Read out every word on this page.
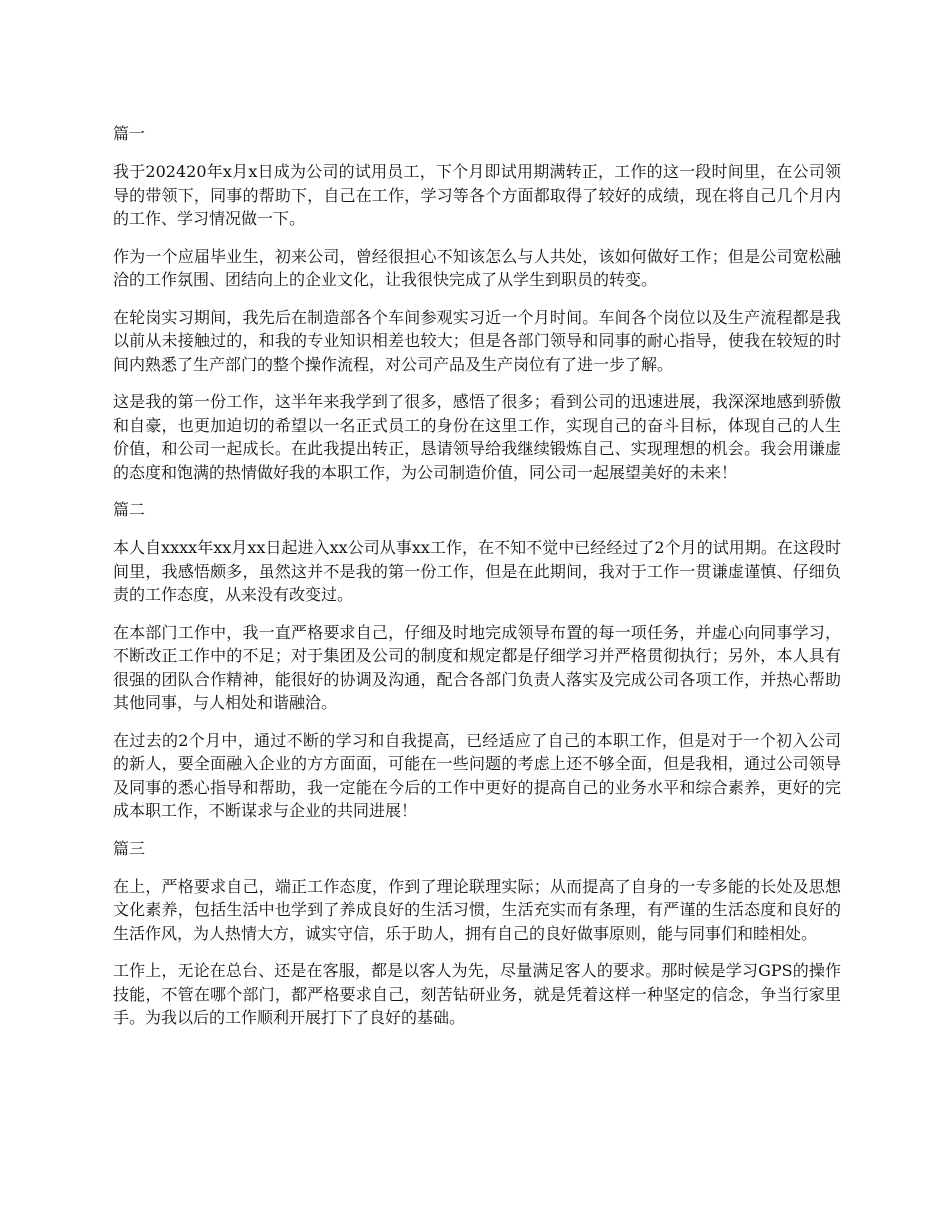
篇一

我于202420年x月x日成为公司的试用员工，下个月即试用期满转正，工作的这一段时间里，在公司领导的带领下，同事的帮助下，自己在工作，学习等各个方面都取得了较好的成绩，现在将自己几个月内的工作、学习情况做一下。

作为一个应届毕业生，初来公司，曾经很担心不知该怎么与人共处，该如何做好工作；但是公司宽松融洽的工作氛围、团结向上的企业文化，让我很快完成了从学生到职员的转变。

在轮岗实习期间，我先后在制造部各个车间参观实习近一个月时间。车间各个岗位以及生产流程都是我以前从未接触过的，和我的专业知识相差也较大；但是各部门领导和同事的耐心指导，使我在较短的时间内熟悉了生产部门的整个操作流程，对公司产品及生产岗位有了进一步了解。

这是我的第一份工作，这半年来我学到了很多，感悟了很多；看到公司的迅速进展，我深深地感到骄傲和自豪，也更加迫切的希望以一名正式员工的身份在这里工作，实现自己的奋斗目标，体现自己的人生价值，和公司一起成长。在此我提出转正，恳请领导给我继续锻炼自己、实现理想的机会。我会用谦虚的态度和饱满的热情做好我的本职工作，为公司制造价值，同公司一起展望美好的未来！

篇二

本人自xxxx年xx月xx日起进入xx公司从事xx工作，在不知不觉中已经经过了2个月的试用期。在这段时间里，我感悟颇多，虽然这并不是我的第一份工作，但是在此期间，我对于工作一贯谦虚谨慎、仔细负责的工作态度，从来没有改变过。

在本部门工作中，我一直严格要求自己，仔细及时地完成领导布置的每一项任务，并虚心向同事学习，不断改正工作中的不足；对于集团及公司的制度和规定都是仔细学习并严格贯彻执行；另外，本人具有很强的团队合作精神，能很好的协调及沟通，配合各部门负责人落实及完成公司各项工作，并热心帮助其他同事，与人相处和谐融洽。

在过去的2个月中，通过不断的学习和自我提高，已经适应了自己的本职工作，但是对于一个初入公司的新人，要全面融入企业的方方面面，可能在一些问题的考虑上还不够全面，但是我相，通过公司领导及同事的悉心指导和帮助，我一定能在今后的工作中更好的提高自己的业务水平和综合素养，更好的完成本职工作，不断谋求与企业的共同进展！

篇三

在上，严格要求自己，端正工作态度，作到了理论联理实际；从而提高了自身的一专多能的长处及思想文化素养，包括生活中也学到了养成良好的生活习惯，生活充实而有条理，有严谨的生活态度和良好的生活作风，为人热情大方，诚实守信，乐于助人，拥有自己的良好做事原则，能与同事们和睦相处。

工作上，无论在总台、还是在客服，都是以客人为先，尽量满足客人的要求。那时候是学习GPS的操作技能，不管在哪个部门，都严格要求自己，刻苦钻研业务，就是凭着这样一种坚定的信念，争当行家里手。为我以后的工作顺利开展打下了良好的基础。
